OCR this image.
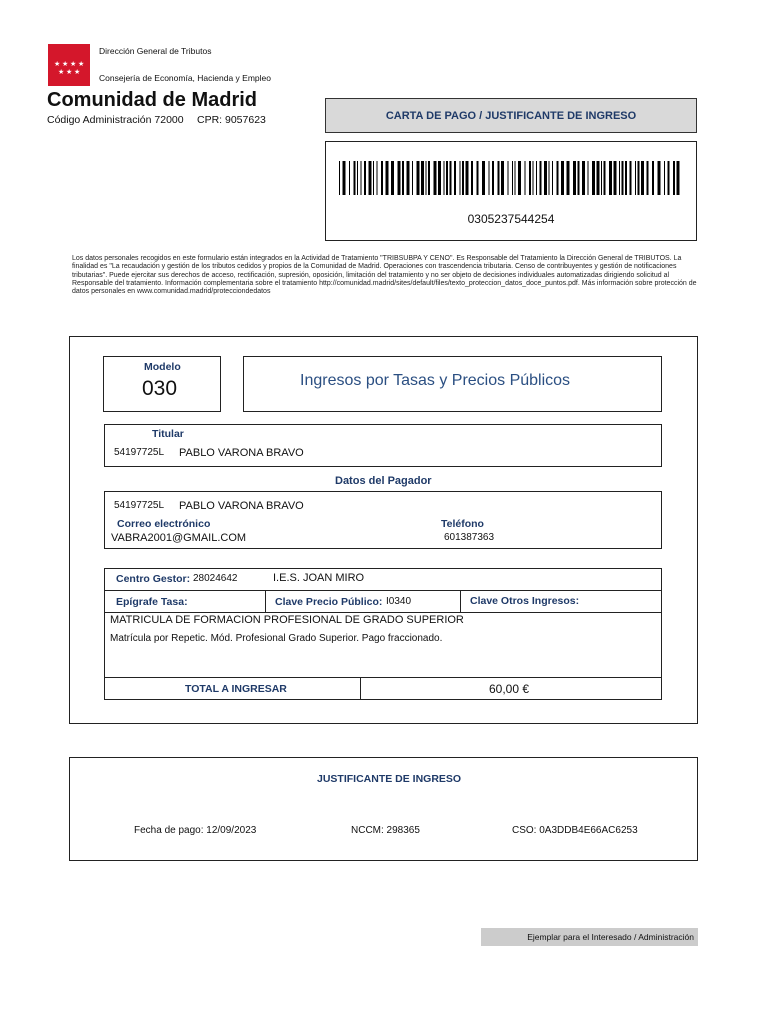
★ ★ ★ ★
★ ★ ★
Dirección General de Tributos
Consejería de Economía, Hacienda y Empleo
Comunidad de Madrid
Código Administración 72000 CPR: 9057623	CARTA DE PAGO / JUSTIFICANTE DE INGRESO
0305237544254
Los datos personales recogidos en este formulario están integrados en la Actividad de Tratamiento "TRIBSUBPA Y CENO". Es Responsable del Tratamiento la Dirección General de TRIBUTOS. La finalidad es "La recaudación y gestión de los tributos cedidos y propios de la Comunidad de Madrid. Operaciones con trascendencia tributaria. Censo de contribuyentes y gestión de notificaciones tributarias". Puede ejercitar sus derechos de acceso, rectificación, supresión, oposición, limitación del tratamiento y no ser objeto de decisiones individuales automatizadas dirigiendo solicitud al Responsable del tratamiento. Información complementaria sobre el tratamiento http://comunidad.madrid/sites/default/files/texto_proteccion_datos_doce_puntos.pdf. Más información sobre protección de datos personales en www.comunidad.madrid/protecciondedatos
Modelo
030	Ingresos por Tasas y Precios Públicos
Titular
54197725L PABLO VARONA BRAVO
Datos del Pagador
54197725L PABLO VARONA BRAVO
Correo electrónico
VABRA2001@GMAIL.COM
Teléfono
601387363
Centro Gestor: 28024642	I.E.S. JOAN MIRO
Epígrafe Tasa:	Clave Precio Público: I0340	Clave Otros Ingresos:
MATRICULA DE FORMACION PROFESIONAL DE GRADO SUPERIOR
Matrícula por Repetic. Mód. Profesional Grado Superior. Pago fraccionado.
TOTAL A INGRESAR	60,00 €
JUSTIFICANTE DE INGRESO
Fecha de pago: 12/09/2023	NCCM: 298365	CSO: 0A3DDB4E66AC6253
Ejemplar para el Interesado / Administración
